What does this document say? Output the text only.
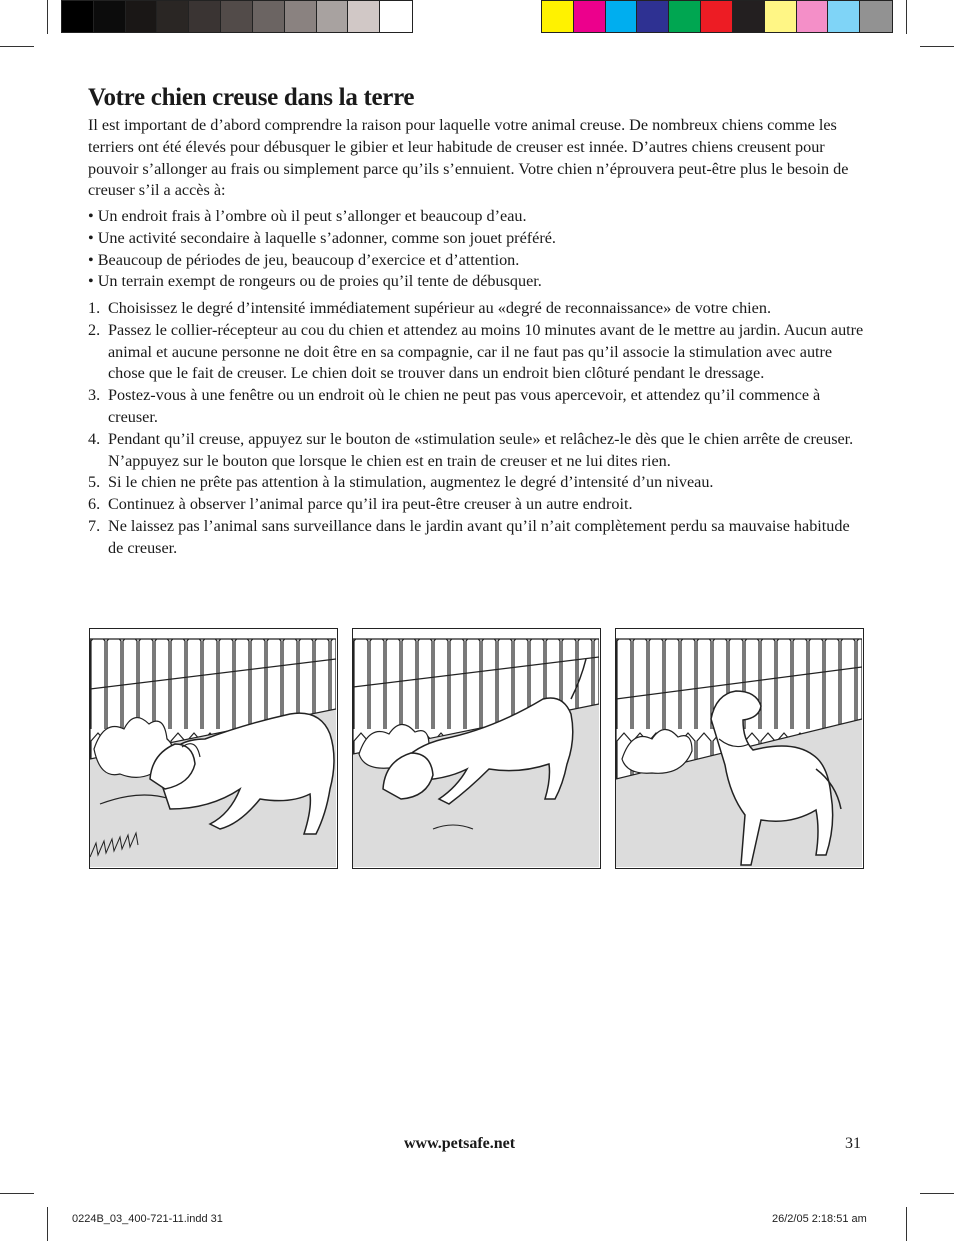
Votre chien creuse dans la terre

Il est important de d’abord comprendre la raison pour laquelle votre animal creuse. De nombreux chiens comme les terriers ont été élevés pour débusquer le gibier et leur habitude de creuser est innée. D’autres chiens creusent pour pouvoir s’allonger au frais ou simplement parce qu’ils s’ennuient. Votre chien n’éprouvera peut-être plus le besoin de creuser s’il a accès à:

• Un endroit frais à l’ombre où il peut s’allonger et beaucoup d’eau.
• Une activité secondaire à laquelle s’adonner, comme son jouet préféré.
• Beaucoup de périodes de jeu, beaucoup d’exercice et d’attention.
• Un terrain exempt de rongeurs ou de proies qu’il tente de débusquer.
1. Choisissez le degré d’intensité immédiatement supérieur au «degré de reconnaissance» de votre chien.
2. Passez le collier-récepteur au cou du chien et attendez au moins 10 minutes avant de le mettre au jardin. Aucun autre animal et aucune personne ne doit être en sa compagnie, car il ne faut pas qu’il associe la stimulation avec autre chose que le fait de creuser. Le chien doit se trouver dans un endroit bien clôturé pendant le dressage.
3. Postez-vous à une fenêtre ou un endroit où le chien ne peut pas vous apercevoir, et attendez qu’il commence à creuser.
4. Pendant qu’il creuse, appuyez sur le bouton de «stimulation seule» et relâchez-le dès que le chien arrête de creuser. N’appuyez sur le bouton que lorsque le chien est en train de creuser et ne lui dites rien.
5. Si le chien ne prête pas attention à la stimulation, augmentez le degré d’intensité d’un niveau.
6. Continuez à observer l’animal parce qu’il ira peut-être creuser à un autre endroit.
7. Ne laissez pas l’animal sans surveillance dans le jardin avant qu’il n’ait complètement perdu sa mauvaise habitude de creuser.
www.petsafe.net	31
0224B_03_400-721-11.indd 31	26/2/05 2:18:51 am
